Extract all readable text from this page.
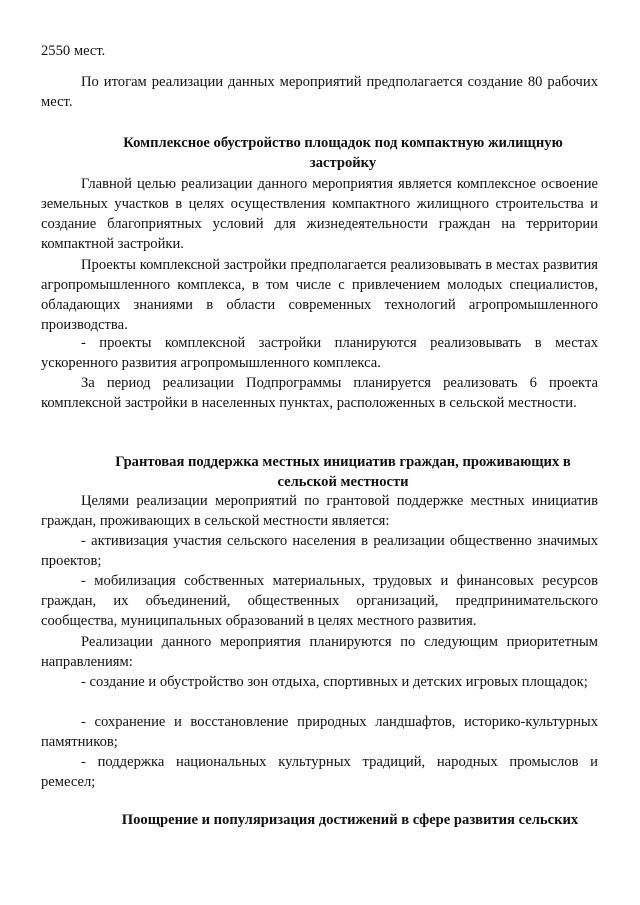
2550 мест.

По итогам реализации данных мероприятий предполагается создание 80 рабочих мест.

Комплексное обустройство площадок под компактную жилищную застройку

Главной целью реализации данного мероприятия является комплексное освоение земельных участков в целях осуществления компактного жилищного строительства и создание благоприятных условий для жизнедеятельности граждан на территории компактной застройки.

Проекты комплексной застройки предполагается реализовывать в местах развития агропромышленного комплекса, в том числе с привлечением молодых специалистов, обладающих знаниями в области современных технологий агропромышленного производства.

- проекты комплексной застройки планируются реализовывать в местах ускоренного развития агропромышленного комплекса.

За период реализации Подпрограммы планируется реализовать 6 проекта комплексной застройки в населенных пунктах, расположенных в сельской местности.

Грантовая поддержка местных инициатив граждан, проживающих в сельской местности

Целями реализации мероприятий по грантовой поддержке местных инициатив граждан, проживающих в сельской местности является:

- активизация участия сельского населения в реализации общественно значимых проектов;

- мобилизация собственных материальных, трудовых и финансовых ресурсов граждан, их объединений, общественных организаций, предпринимательского сообщества, муниципальных образований в целях местного развития.

Реализации данного мероприятия планируются по следующим приоритетным направлениям:

- создание и обустройство зон отдыха, спортивных и детских игровых площадок;

- сохранение и восстановление природных ландшафтов, историко-культурных памятников;

- поддержка национальных культурных традиций, народных промыслов и ремесел;

Поощрение и популяризация достижений в сфере развития сельских
